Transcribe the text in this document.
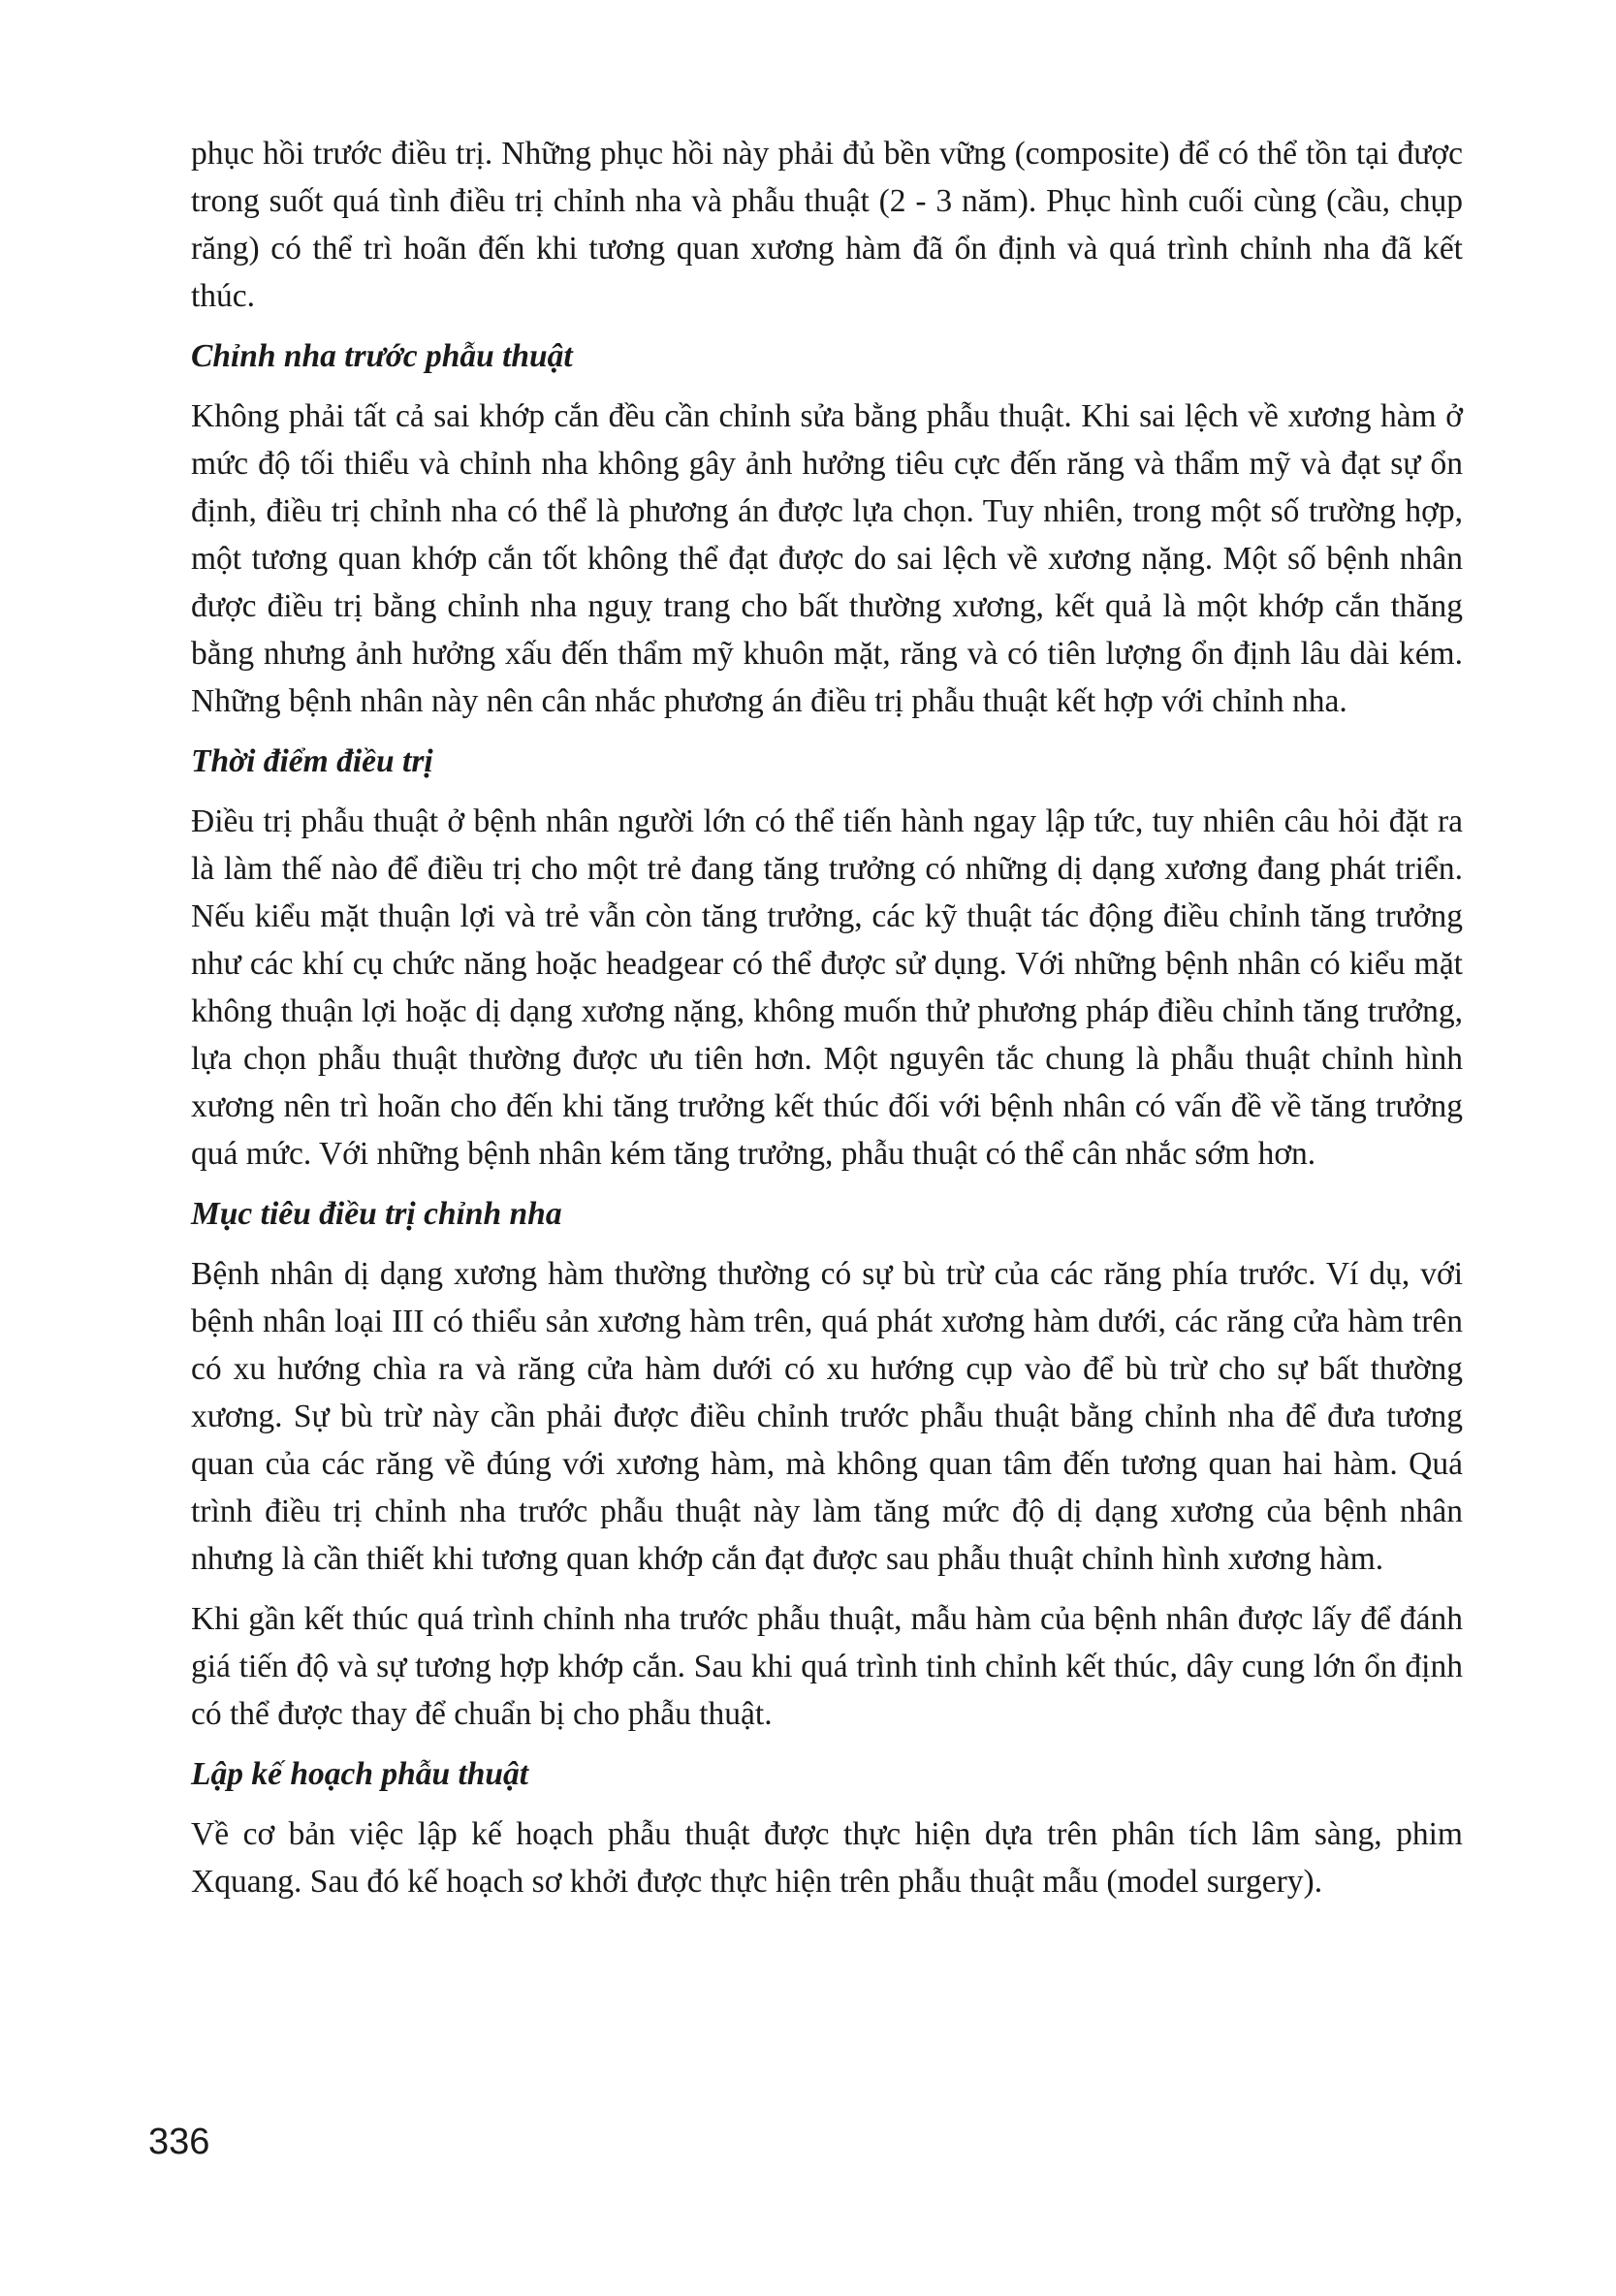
phục hồi trước điều trị. Những phục hồi này phải đủ bền vững (composite) để có thể tồn tại được trong suốt quá tình điều trị chỉnh nha và phẫu thuật (2 - 3 năm). Phục hình cuối cùng (cầu, chụp răng) có thể trì hoãn đến khi tương quan xương hàm đã ổn định và quá trình chỉnh nha đã kết thúc.

Chỉnh nha trước phẫu thuật

Không phải tất cả sai khớp cắn đều cần chỉnh sửa bằng phẫu thuật. Khi sai lệch về xương hàm ở mức độ tối thiểu và chỉnh nha không gây ảnh hưởng tiêu cực đến răng và thẩm mỹ và đạt sự ổn định, điều trị chỉnh nha có thể là phương án được lựa chọn. Tuy nhiên, trong một số trường hợp, một tương quan khớp cắn tốt không thể đạt được do sai lệch về xương nặng. Một số bệnh nhân được điều trị bằng chỉnh nha nguỵ trang cho bất thường xương, kết quả là một khớp cắn thăng bằng nhưng ảnh hưởng xấu đến thẩm mỹ khuôn mặt, răng và có tiên lượng ổn định lâu dài kém. Những bệnh nhân này nên cân nhắc phương án điều trị phẫu thuật kết hợp với chỉnh nha.

Thời điểm điều trị

Điều trị phẫu thuật ở bệnh nhân người lớn có thể tiến hành ngay lập tức, tuy nhiên câu hỏi đặt ra là làm thế nào để điều trị cho một trẻ đang tăng trưởng có những dị dạng xương đang phát triển. Nếu kiểu mặt thuận lợi và trẻ vẫn còn tăng trưởng, các kỹ thuật tác động điều chỉnh tăng trưởng như các khí cụ chức năng hoặc headgear có thể được sử dụng. Với những bệnh nhân có kiểu mặt không thuận lợi hoặc dị dạng xương nặng, không muốn thử phương pháp điều chỉnh tăng trưởng, lựa chọn phẫu thuật thường được ưu tiên hơn. Một nguyên tắc chung là phẫu thuật chỉnh hình xương nên trì hoãn cho đến khi tăng trưởng kết thúc đối với bệnh nhân có vấn đề về tăng trưởng quá mức. Với những bệnh nhân kém tăng trưởng, phẫu thuật có thể cân nhắc sớm hơn.

Mục tiêu điều trị chỉnh nha

Bệnh nhân dị dạng xương hàm thường thường có sự bù trừ của các răng phía trước. Ví dụ, với bệnh nhân loại III có thiểu sản xương hàm trên, quá phát xương hàm dưới, các răng cửa hàm trên có xu hướng chìa ra và răng cửa hàm dưới có xu hướng cụp vào để bù trừ cho sự bất thường xương. Sự bù trừ này cần phải được điều chỉnh trước phẫu thuật bằng chỉnh nha để đưa tương quan của các răng về đúng với xương hàm, mà không quan tâm đến tương quan hai hàm. Quá trình điều trị chỉnh nha trước phẫu thuật này làm tăng mức độ dị dạng xương của bệnh nhân nhưng là cần thiết khi tương quan khớp cắn đạt được sau phẫu thuật chỉnh hình xương hàm.

Khi gần kết thúc quá trình chỉnh nha trước phẫu thuật, mẫu hàm của bệnh nhân được lấy để đánh giá tiến độ và sự tương hợp khớp cắn. Sau khi quá trình tinh chỉnh kết thúc, dây cung lớn ổn định có thể được thay để chuẩn bị cho phẫu thuật.

Lập kế hoạch phẫu thuật

Về cơ bản việc lập kế hoạch phẫu thuật được thực hiện dựa trên phân tích lâm sàng, phim Xquang. Sau đó kế hoạch sơ khởi được thực hiện trên phẫu thuật mẫu (model surgery).

336
